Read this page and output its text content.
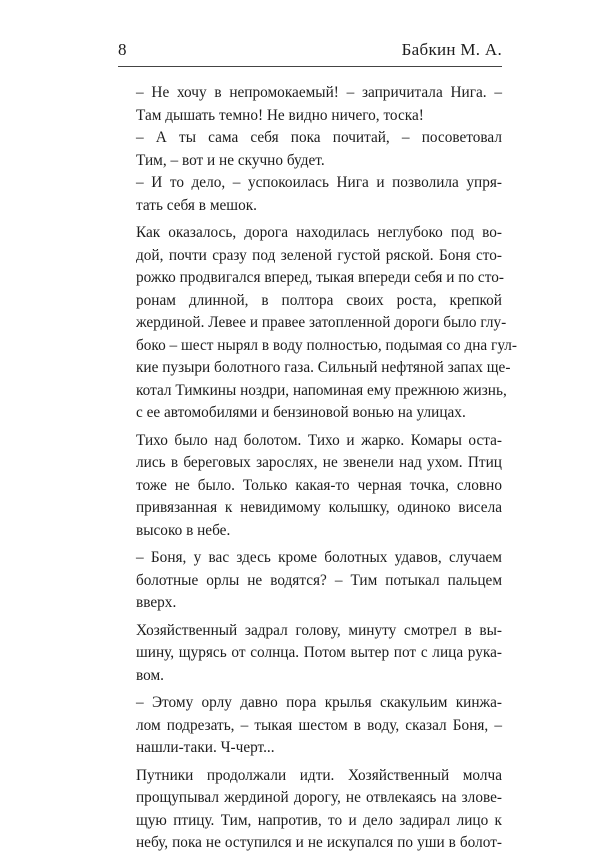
8	Бабкин М. А.

– Не хочу в непромокаемый! – запричитала Нига. –
Там дышать темно! Не видно ничего, тоска!

– А ты сама себя пока почитай, – посоветовал
Тим, – вот и не скучно будет.

– И то дело, – успокоилась Нига и позволила упря-
тать себя в мешок.

Как оказалось, дорога находилась неглубоко под во-
дой, почти сразу под зеленой густой ряской. Боня сто-
рожко продвигался вперед, тыкая впереди себя и по сто-
ронам длинной, в полтора своих роста, крепкой
жердиной. Левее и правее затопленной дороги было глу-
боко – шест нырял в воду полностью, подымая со дна гул-
кие пузыри болотного газа. Сильный нефтяной запах ще-
котал Тимкины ноздри, напоминая ему прежнюю жизнь,
с ее автомобилями и бензиновой вонью на улицах.

Тихо было над болотом. Тихо и жарко. Комары оста-
лись в береговых зарослях, не звенели над ухом. Птиц
тоже не было. Только какая-то черная точка, словно
привязанная к невидимому колышку, одиноко висела
высоко в небе.

– Боня, у вас здесь кроме болотных удавов, случаем
болотные орлы не водятся? – Тим потыкал пальцем
вверх.

Хозяйственный задрал голову, минуту смотрел в вы-
шину, щурясь от солнца. Потом вытер пот с лица рука-
вом.

– Этому орлу давно пора крылья скакульим кинжа-
лом подрезать, – тыкая шестом в воду, сказал Боня, –
нашли-таки. Ч-черт...

Путники продолжали идти. Хозяйственный молча
прощупывал жердиной дорогу, не отвлекаясь на злове-
щую птицу. Тим, напротив, то и дело задирал лицо к
небу, пока не оступился и не искупался по уши в болот-
